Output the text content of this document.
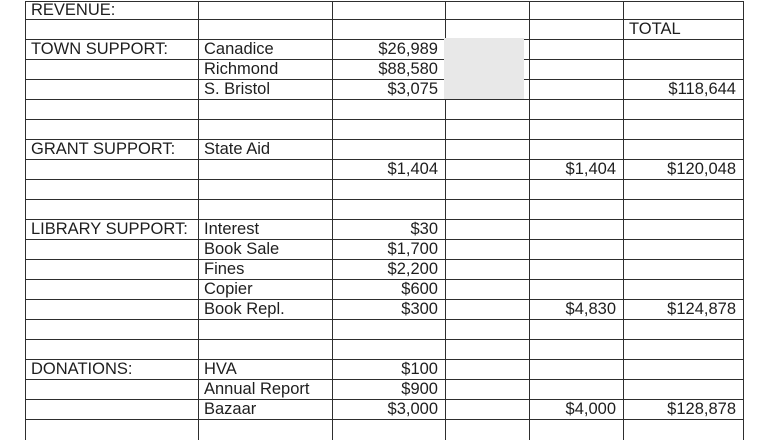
REVENUE:					
					TOTAL
TOWN SUPPORT:	Canadice	$26,989			
	Richmond	$88,580			
	S. Bristol	$3,075			$118,644

GRANT SUPPORT:	State Aid				
		$1,404		$1,404	$120,048

LIBRARY SUPPORT:	Interest	$30			
	Book Sale	$1,700			
	Fines	$2,200			
	Copier	$600			
	Book Repl.	$300		$4,830	$124,878

DONATIONS:	HVA	$100			
	Annual Report	$900			
	Bazaar	$3,000		$4,000	$128,878
